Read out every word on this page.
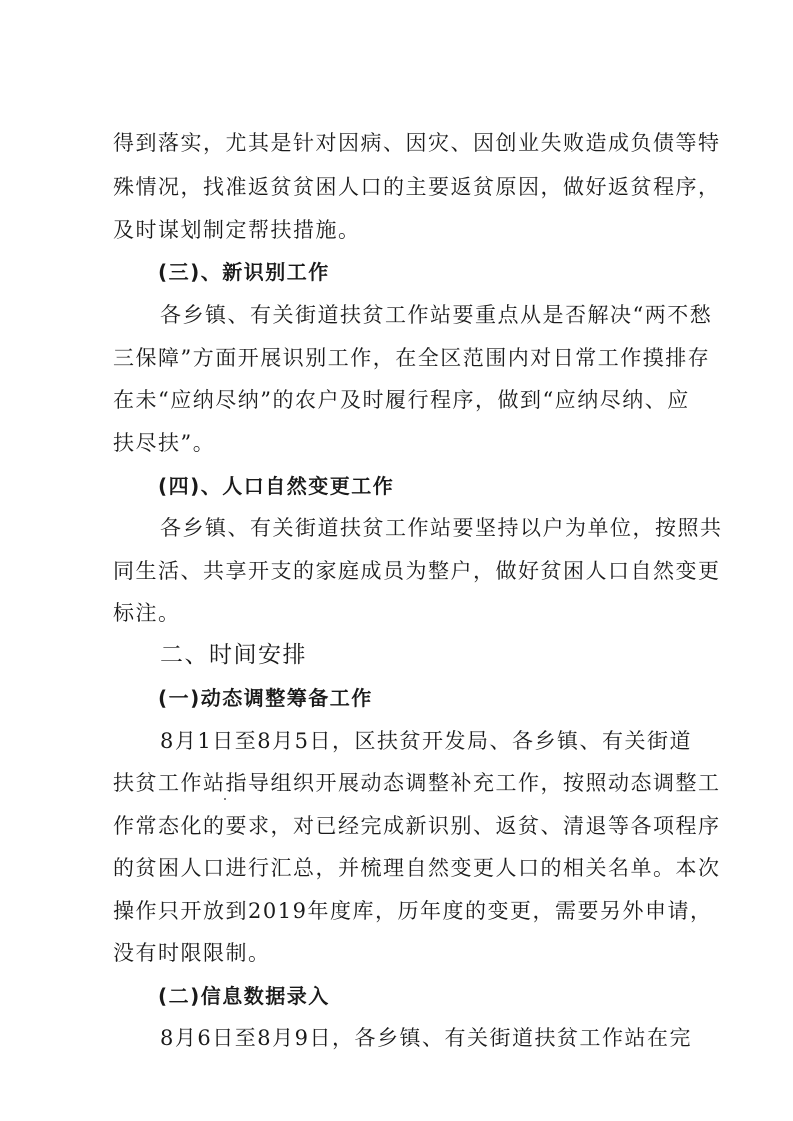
得到落实，尤其是针对因病、因灾、因创业失败造成负债等特
殊情况，找准返贫贫困人口的主要返贫原因，做好返贫程序，
及时谋划制定帮扶措施。
(三)、新识别工作
各乡镇、有关街道扶贫工作站要重点从是否解决“两不愁
三保障”方面开展识别工作，在全区范围内对日常工作摸排存
在未“应纳尽纳”的农户及时履行程序，做到“应纳尽纳、应
扶尽扶”。
(四)、人口自然变更工作
各乡镇、有关街道扶贫工作站要坚持以户为单位，按照共
同生活、共享开支的家庭成员为整户，做好贫困人口自然变更
标注。
二、时间安排
(一)动态调整筹备工作
8月1日至8月5日，区扶贫开发局、各乡镇、有关街道
扶贫工作站指导组织开展动态调整补充工作，按照动态调整工
作常态化的要求，对已经完成新识别、返贫、清退等各项程序
的贫困人口进行汇总，并梳理自然变更人口的相关名单。本次
操作只开放到2019年度库，历年度的变更，需要另外申请，
没有时限限制。
(二)信息数据录入
8月6日至8月9日，各乡镇、有关街道扶贫工作站在完
